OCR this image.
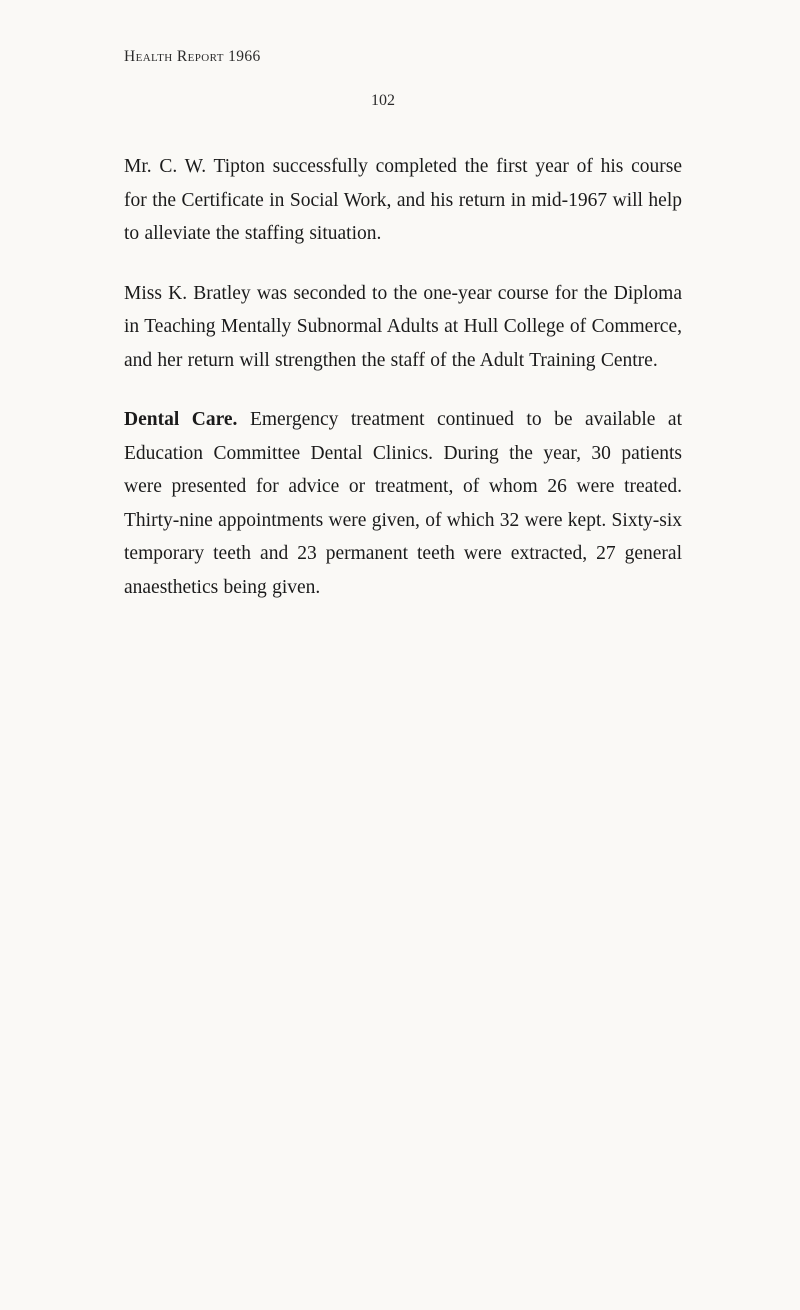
Health Report 1966
102

Mr. C. W. Tipton successfully completed the first year of his course for the Certificate in Social Work, and his return in mid-1967 will help to alleviate the staffing situation.

Miss K. Bratley was seconded to the one-year course for the Diploma in Teaching Mentally Subnormal Adults at Hull College of Commerce, and her return will strengthen the staff of the Adult Training Centre.

Dental Care. Emergency treatment continued to be available at Education Committee Dental Clinics. During the year, 30 patients were presented for advice or treatment, of whom 26 were treated. Thirty-nine appointments were given, of which 32 were kept. Sixty-six temporary teeth and 23 permanent teeth were extracted, 27 general anaesthetics being given.
